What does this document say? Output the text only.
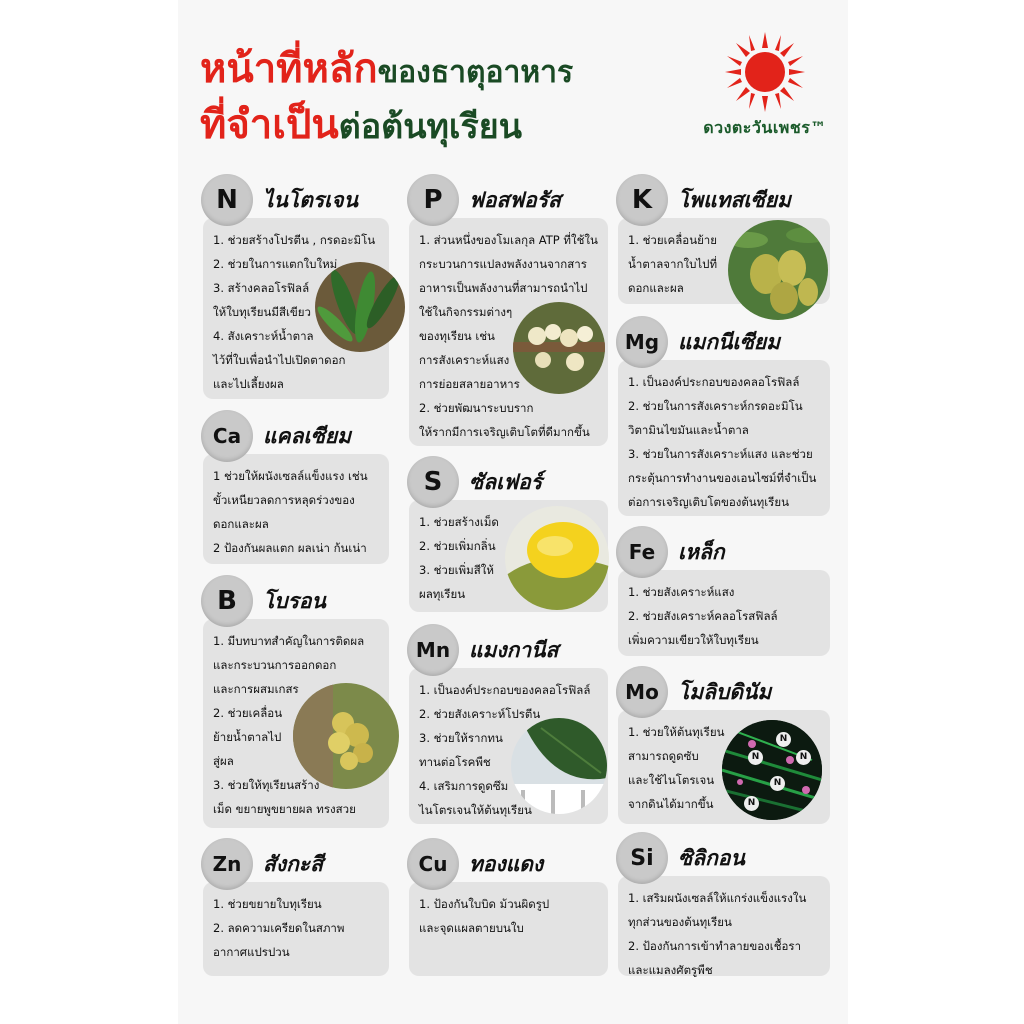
หน้าที่หลักของธาตุอาหาร
ที่จำเป็นต่อต้นทุเรียน	ดวงตะวันเพชร™
1. ช่วยสร้างโปรตีน , กรดอะมิโน
2. ช่วยในการแตกใบใหม่
3. สร้างคลอโรฟิลล์
ให้ใบทุเรียนมีสีเขียว
4. สังเคราะห์น้ำตาล
ไว้ที่ใบเพื่อนำไปเปิดตาดอก
และไปเลี้ยงผล
N	ไนโตรเจน
1 ช่วยให้ผนังเซลล์แข็งแรง เช่น
ขั้วเหนียวลดการหลุดร่วงของ
ดอกและผล
2 ป้องกันผลแตก ผลเน่า ก้นเน่า
Ca	แคลเซียม
1. มีบทบาทสำคัญในการติดผล
และกระบวนการออกดอก
และการผสมเกสร
2. ช่วยเคลื่อน
ย้ายน้ำตาลไป
สู่ผล
3. ช่วยให้ทุเรียนสร้าง
เม็ด ขยายพูขยายผล ทรงสวย
B	โบรอน
1. ช่วยขยายใบทุเรียน
2. ลดความเครียดในสภาพ
อากาศแปรปวน
Zn	สังกะสี
1. ส่วนหนึ่งของโมเลกุล ATP ที่ใช้ใน
กระบวนการแปลงพลังงานจากสาร
อาหารเป็นพลังงานที่สามารถนำไป
ใช้ในกิจกรรมต่างๆ
ของทุเรียน เช่น
การสังเคราะห์แสง
การย่อยสลายอาหาร
2. ช่วยพัฒนาระบบราก
ให้รากมีการเจริญเติบโตที่ดีมากขึ้น
P	ฟอสฟอรัส
1. ช่วยสร้างเม็ด
2. ช่วยเพิ่มกลิ่น
3. ช่วยเพิ่มสีให้
ผลทุเรียน
S	ซัลเฟอร์
1. เป็นองค์ประกอบของคลอโรฟิลล์
2. ช่วยสังเคราะห์โปรตีน
3. ช่วยให้รากทน
ทานต่อโรคพืช
4. เสริมการดูดซึม
ไนโตรเจนให้ต้นทุเรียน
Mn แมงกานีส
1. ป้องกันใบบิด ม้วนผิดรูป
และจุดแผลตายบนใบ
Cu	ทองแดง
1. ช่วยเคลื่อนย้าย
น้ำตาลจากใบไปที่
ดอกและผล
K	โพแทสเซียม
1. เป็นองค์ประกอบของคลอโรฟิลล์
2. ช่วยในการสังเคราะห์กรดอะมิโน
วิตามินไขมันและน้ำตาล
3. ช่วยในการสังเคราะห์แสง และช่วย
กระตุ้นการทำงานของเอนไซม์ที่จำเป็น
ต่อการเจริญเติบโตของต้นทุเรียน
Mg แมกนีเซียม
1. ช่วยสังเคราะห์แสง
2. ช่วยสังเคราะห์คลอโรสฟิลล์
เพิ่มความเขียวให้ใบทุเรียน
Fe	เหล็ก
1. ช่วยให้ต้นทุเรียน
สามารถดูดซับ
และใช้ไนโตรเจน
จากดินได้มากขึ้น
Mo โมลิบดินัม
N
N
N
N
N
1. เสริมผนังเซลล์ให้แกร่งแข็งแรงใน
ทุกส่วนของต้นทุเรียน
2. ป้องกันการเข้าทำลายของเชื้อรา
และแมลงศัตรูพืช
Si	ซิลิกอน
